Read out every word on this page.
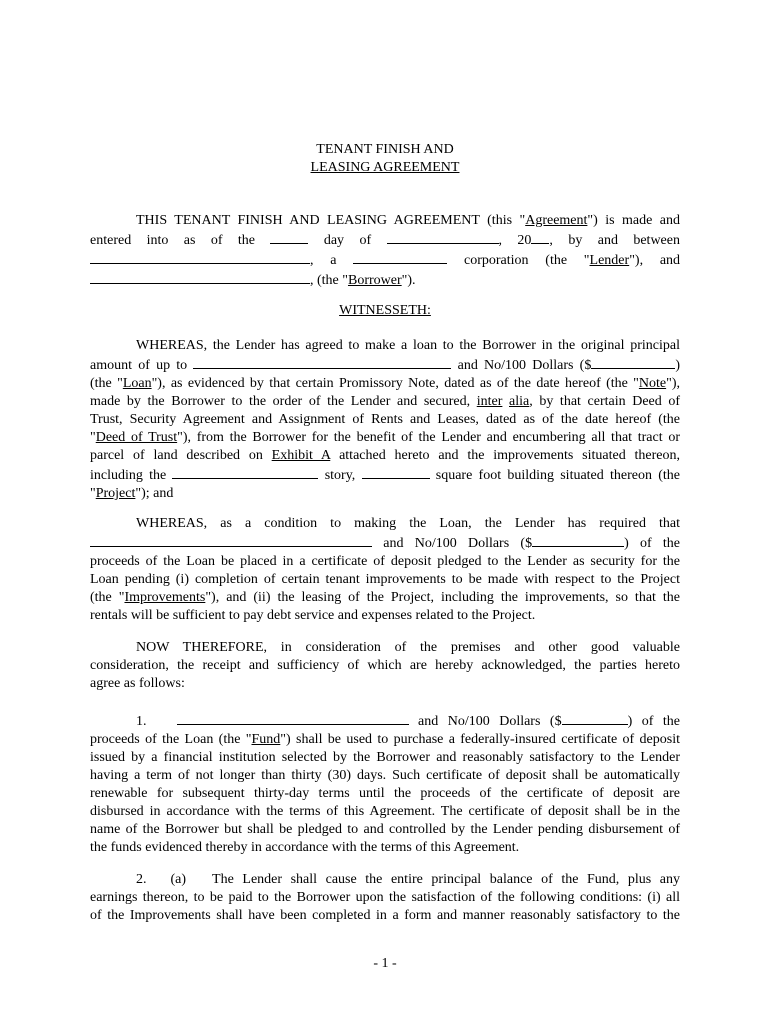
TENANT FINISH AND
LEASING AGREEMENT

THIS TENANT FINISH AND LEASING AGREEMENT (this "Agreement") is made and

entered into as of the	day of	, 20 , by and between

, a	corporation (the "Lender"), and

, (the "Borrower").

WITNESSETH:

WHEREAS, the Lender has agreed to make a loan to the Borrower in the original principal

amount of up to	and No/100 Dollars ($	)

(the "Loan"), as evidenced by that certain Promissory Note, dated as of the date hereof (the "Note"),

made by the Borrower to the order of the Lender and secured, inter alia, by that certain Deed of

Trust, Security Agreement and Assignment of Rents and Leases, dated as of the date hereof (the

"Deed of Trust"), from the Borrower for the benefit of the Lender and encumbering all that tract or

parcel of land described on Exhibit A attached hereto and the improvements situated thereon,

including the	story,	square foot building situated thereon (the

"Project"); and

WHEREAS, as a condition to making the Loan, the Lender has required that

and No/100 Dollars ($	) of the

proceeds of the Loan be placed in a certificate of deposit pledged to the Lender as security for the

Loan pending (i) completion of certain tenant improvements to be made with respect to the Project

(the "Improvements"), and (ii) the leasing of the Project, including the improvements, so that the

rentals will be sufficient to pay debt service and expenses related to the Project.

NOW THEREFORE, in consideration of the premises and other good valuable

consideration, the receipt and sufficiency of which are hereby acknowledged, the parties hereto

agree as follows:

1.	and No/100 Dollars ($	) of the

proceeds of the Loan (the "Fund") shall be used to purchase a federally-insured certificate of deposit

issued by a financial institution selected by the Borrower and reasonably satisfactory to the Lender

having a term of not longer than thirty (30) days. Such certificate of deposit shall be automatically

renewable for subsequent thirty-day terms until the proceeds of the certificate of deposit are

disbursed in accordance with the terms of this Agreement. The certificate of deposit shall be in the

name of the Borrower but shall be pledged to and controlled by the Lender pending disbursement of

the funds evidenced thereby in accordance with the terms of this Agreement.

2. (a) The Lender shall cause the entire principal balance of the Fund, plus any

earnings thereon, to be paid to the Borrower upon the satisfaction of the following conditions: (i) all

of the Improvements shall have been completed in a form and manner reasonably satisfactory to the

- 1 -
